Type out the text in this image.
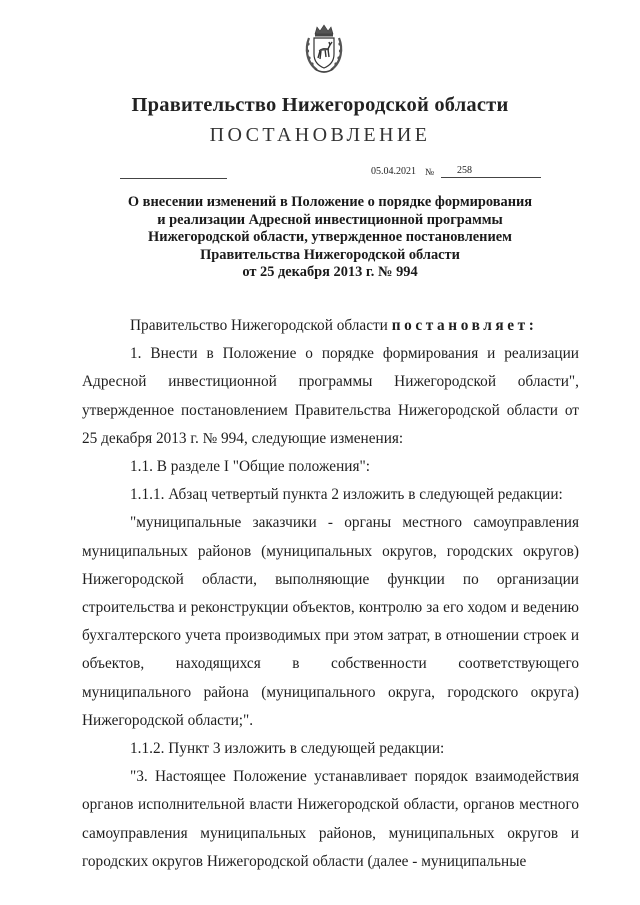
Правительство Нижегородской области
ПОСТАНОВЛЕНИЕ
05.04.2021 №	258
О внесении изменений в Положение о порядке формирования
и реализации Адресной инвестиционной программы
Нижегородской области, утвержденное постановлением
Правительства Нижегородской области
от 25 декабря 2013 г. № 994

Правительство Нижегородской области постановляет:

1. Внести в Положение о порядке формирования и реализации Адресной инвестиционной программы Нижегородской области", утвержденное постановлением Правительства Нижегородской области от 25 декабря 2013 г. № 994, следующие изменения:

1.1. В разделе I "Общие положения":

1.1.1. Абзац четвертый пункта 2 изложить в следующей редакции:

"муниципальные заказчики - органы местного самоуправления муниципальных районов (муниципальных округов, городских округов) Нижегородской области, выполняющие функции по организации строительства и реконструкции объектов, контролю за его ходом и ведению бухгалтерского учета производимых при этом затрат, в отношении строек и объектов, находящихся в собственности соответствующего муниципального района (муниципального округа, городского округа) Нижегородской области;".

1.1.2. Пункт 3 изложить в следующей редакции:

"3. Настоящее Положение устанавливает порядок взаимодействия органов исполнительной власти Нижегородской области, органов местного самоуправления муниципальных районов, муниципальных округов и городских округов Нижегородской области (далее - муниципальные
